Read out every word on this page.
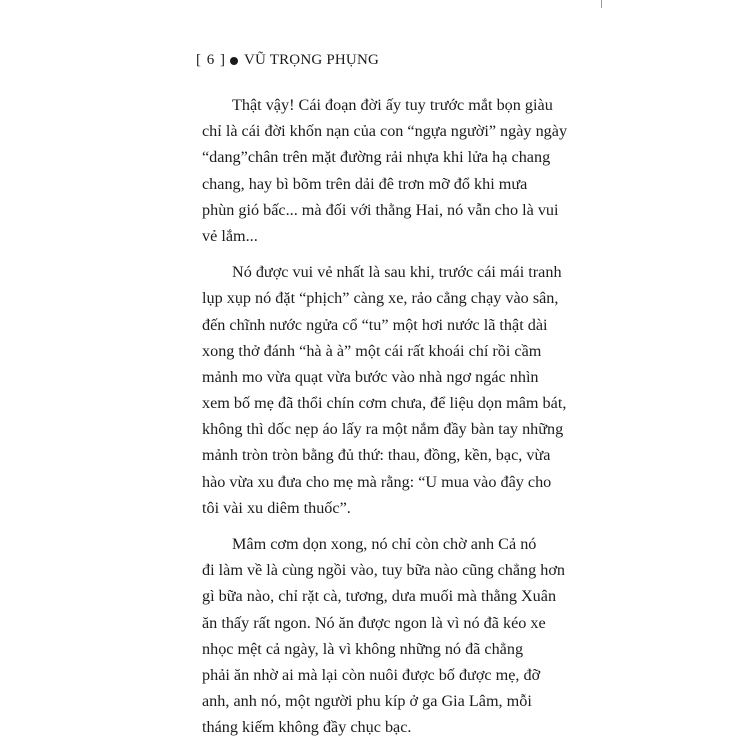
[ 6 ] VŨ TRỌNG PHỤNG
Thật vậy! Cái đoạn đời ấy tuy trước mắt bọn giàu
chỉ là cái đời khốn nạn của con “ngựa người” ngày ngày
“dang”chân trên mặt đường rải nhựa khi lửa hạ chang
chang, hay bì bõm trên dải đê trơn mỡ đổ khi mưa
phùn gió bấc... mà đối với thằng Hai, nó vẫn cho là vui
vẻ lắm...
Nó được vui vẻ nhất là sau khi, trước cái mái tranh
lụp xụp nó đặt “phịch” càng xe, rảo cẳng chạy vào sân,
đến chĩnh nước ngửa cổ “tu” một hơi nước lã thật dài
xong thở đánh “hà à à” một cái rất khoái chí rồi cầm
mảnh mo vừa quạt vừa bước vào nhà ngơ ngác nhìn
xem bố mẹ đã thổi chín cơm chưa, để liệu dọn mâm bát,
không thì dốc nẹp áo lấy ra một nắm đầy bàn tay những
mảnh tròn tròn bằng đủ thứ: thau, đồng, kền, bạc, vừa
hào vừa xu đưa cho mẹ mà rằng: “U mua vào đây cho
tôi vài xu diêm thuốc”.
Mâm cơm dọn xong, nó chỉ còn chờ anh Cả nó
đi làm về là cùng ngồi vào, tuy bữa nào cũng chẳng hơn
gì bữa nào, chỉ rặt cà, tương, dưa muối mà thằng Xuân
ăn thấy rất ngon. Nó ăn được ngon là vì nó đã kéo xe
nhọc mệt cả ngày, là vì không những nó đã chẳng
phải ăn nhờ ai mà lại còn nuôi được bố được mẹ, đỡ
anh, anh nó, một người phu kíp ở ga Gia Lâm, mỗi
tháng kiếm không đầy chục bạc.
